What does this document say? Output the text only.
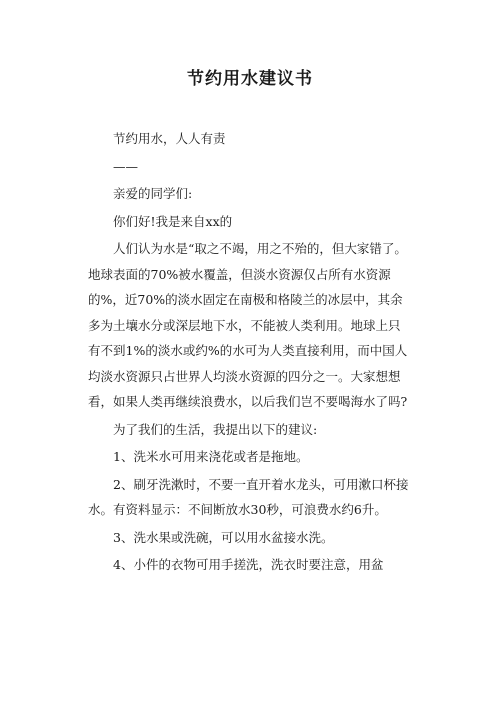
节约用水建议书

节约用水，人人有责

——

亲爱的同学们:

你们好!我是来自xx的

人们认为水是“取之不竭，用之不殆的，但大家错了。地球表面的70%被水覆盖，但淡水资源仅占所有水资源的%，近70%的淡水固定在南极和格陵兰的冰层中，其余多为土壤水分或深层地下水，不能被人类利用。地球上只有不到1%的淡水或约%的水可为人类直接利用，而中国人均淡水资源只占世界人均淡水资源的四分之一。大家想想看，如果人类再继续浪费水，以后我们岂不要喝海水了吗?

为了我们的生活，我提出以下的建议:

1、洗米水可用来浇花或者是拖地。

2、刷牙洗漱时，不要一直开着水龙头，可用漱口杯接水。有资料显示：不间断放水30秒，可浪费水约6升。

3、洗水果或洗碗，可以用水盆接水洗。

4、小件的衣物可用手搓洗，洗衣时要注意，用盆
